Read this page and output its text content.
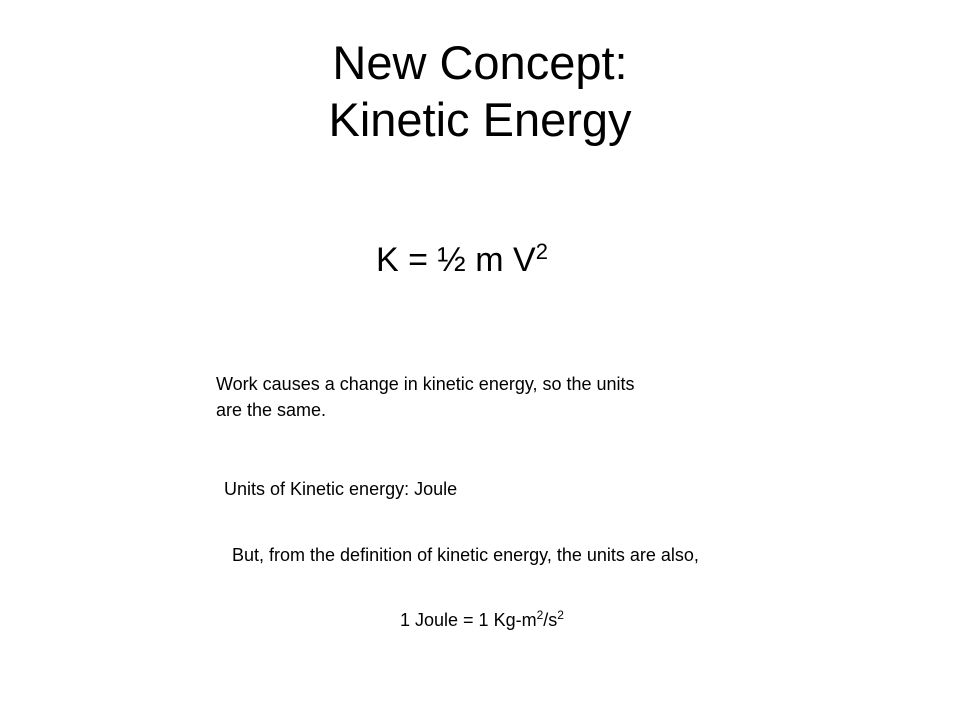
New Concept:
Kinetic Energy
K = ½ m $V^2$
Work causes a change in kinetic energy, so the units
are the same.
Units of Kinetic energy: Joule
But, from the definition of kinetic energy, the units are also,
1 Joule = 1 $Kg-m^2/s^2$
